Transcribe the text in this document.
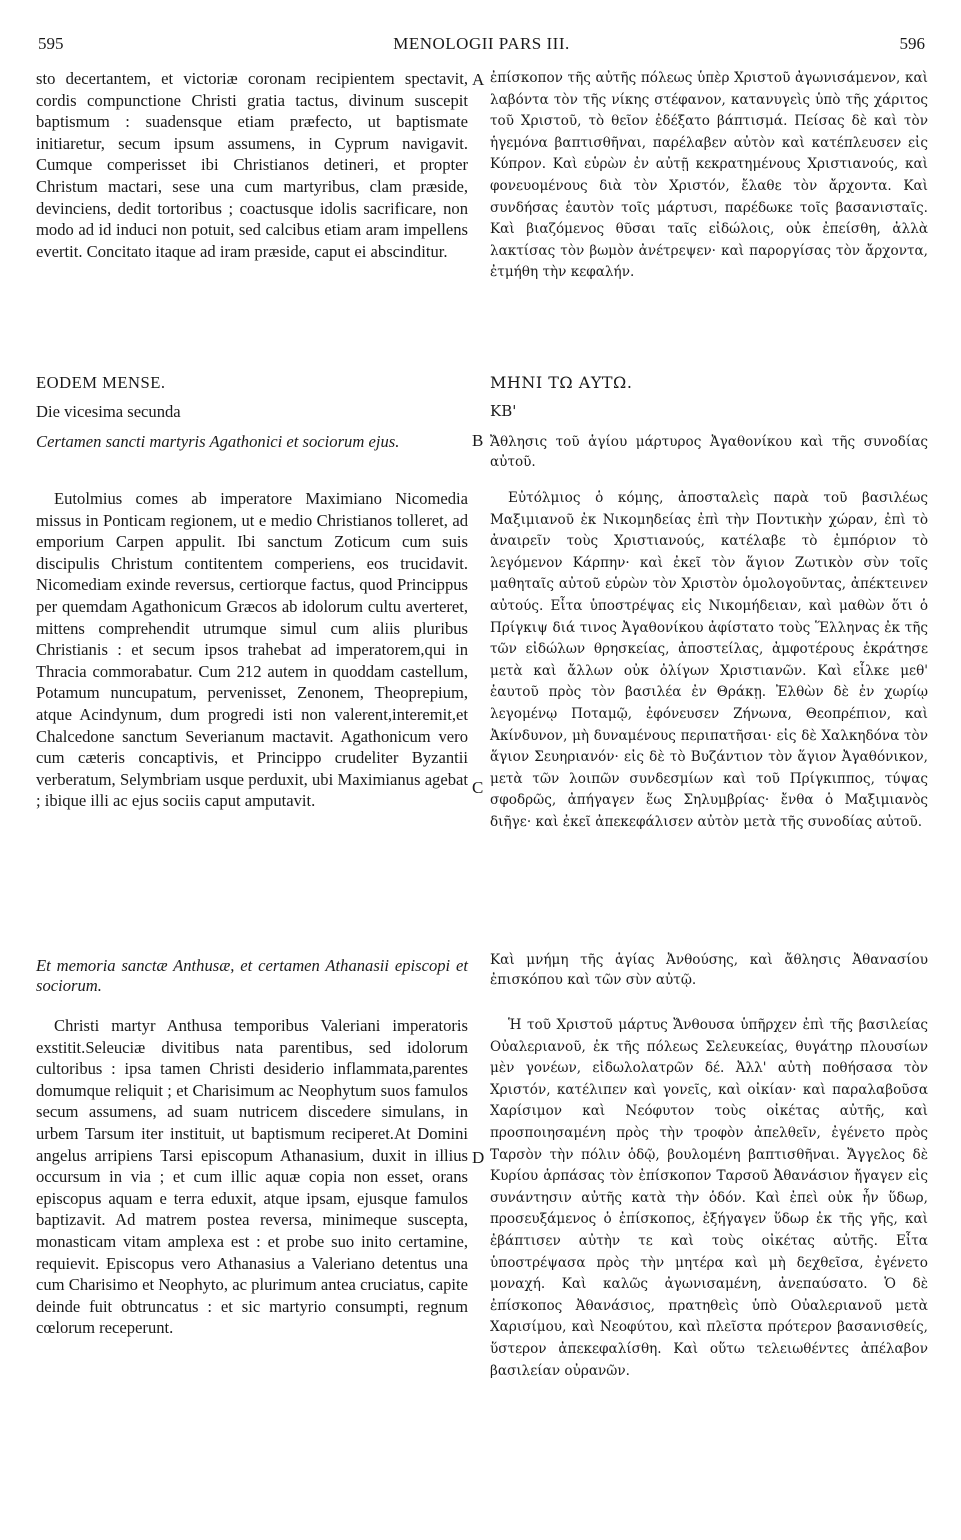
595	MENOLOGII PARS III.	596
A
B
C
D

sto decertantem, et victoriæ coronam recipientem spectavit, cordis compunctione Christi gratia tactus, divinum suscepit baptismum : suadensque etiam præfecto, ut baptismate initiaretur, secum ipsum assumens, in Cyprum navigavit. Cumque comperisset ibi Christianos detineri, et propter Christum mactari, sese una cum martyribus, clam præside, devinciens, dedit tortoribus ; coactusque idolis sacrificare, non modo ad id induci non potuit, sed calcibus etiam aram impellens evertit. Concitato itaque ad iram præside, caput ei abscinditur.

EODEM MENSE.
Die vicesima secunda
Certamen sancti martyris Agathonici et sociorum ejus.

Eutolmius comes ab imperatore Maximiano Nicomedia missus in Ponticam regionem, ut e medio Christianos tolleret, ad emporium Carpen appulit. Ibi sanctum Zoticum cum suis discipulis Christum contitentem comperiens, eos trucidavit. Nicomediam exinde reversus, certiorque factus, quod Princippus per quemdam Agathonicum Græcos ab idolorum cultu averteret, mittens comprehendit utrumque simul cum aliis pluribus Christianis : et secum ipsos trahebat ad imperatorem,qui in Thracia commorabatur. Cum 212 autem in quoddam castellum, Potamum nuncupatum, pervenisset, Zenonem, Theoprepium, atque Acindynum, dum progredi isti non valerent,interemit,et Chalcedone sanctum Severianum mactavit. Agathonicum vero cum cæteris concaptivis, et Princippo crudeliter Byzantii verberatum, Selymbriam usque perduxit, ubi Maximianus agebat ; ibique illi ac ejus sociis caput amputavit.

Et memoria sanctæ Anthusæ, et certamen Athanasii episcopi et sociorum.

Christi martyr Anthusa temporibus Valeriani imperatoris exstitit.Seleuciæ divitibus nata parentibus, sed idolorum cultoribus : ipsa tamen Christi desiderio inflammata,parentes domumque reliquit ; et Charisimum ac Neophytum suos famulos secum assumens, ad suam nutricem discedere simulans, in urbem Tarsum iter instituit, ut baptismum reciperet.At Domini angelus arripiens Tarsi episcopum Athanasium, duxit in illius occursum in via ; et cum illic aquæ copia non esset, orans episcopus aquam e terra eduxit, atque ipsam, ejusque famulos baptizavit. Ad matrem postea reversa, minimeque suscepta, monasticam vitam amplexa est : et probe suo inito certamine, requievit. Episcopus vero Athanasius a Valeriano detentus una cum Charisimo et Neophyto, ac plurimum antea cruciatus, capite deinde fuit obtruncatus : et sic martyrio consumpti, regnum cœlorum receperunt.

ἐπίσκοπον τῆς αὐτῆς πόλεως ὑπὲρ Χριστοῦ ἀγωνισάμενον, καὶ λαβόντα τὸν τῆς νίκης στέφανον, κατανυγεὶς ὑπὸ τῆς χάριτος τοῦ Χριστοῦ, τὸ θεῖον ἐδέξατο βάπτισμά. Πείσας δὲ καὶ τὸν ἡγεμόνα βαπτισθῆναι, παρέλαβεν αὐτὸν καὶ κατέπλευσεν εἰς Κύπρον. Καὶ εὑρὼν ἐν αὐτῇ κεκρατημένους Χριστιανούς, καὶ φονευομένους διὰ τὸν Χριστόν, ἔλαθε τὸν ἄρχοντα. Καὶ συνδήσας ἑαυτὸν τοῖς μάρτυσι, παρέδωκε τοῖς βασανισταῖς. Καὶ βιαζόμενος θῦσαι ταῖς εἰδώλοις, οὐκ ἐπείσθη, ἀλλὰ λακτίσας τὸν βωμὸν ἀνέτρεψεν· καὶ παροργίσας τὸν ἄρχοντα, ἐτμήθη τὴν κεφαλήν.

ΜΗΝΙ ΤΩ ΑΥΤΩ.
ΚΒ'
Ἄθλησις τοῦ ἁγίου μάρτυρος Ἀγαθονίκου καὶ τῆς συνοδίας αὐτοῦ.

Εὐτόλμιος ὁ κόμης, ἀποσταλεὶς παρὰ τοῦ βασιλέως Μαξιμιανοῦ ἐκ Νικομηδείας ἐπὶ τὴν Ποντικὴν χώραν, ἐπὶ τὸ ἀναιρεῖν τοὺς Χριστιανούς, κατέλαβε τὸ ἐμπόριον τὸ λεγόμενον Κάρπην· καὶ ἐκεῖ τὸν ἅγιον Ζωτικὸν σὺν τοῖς μαθηταῖς αὐτοῦ εὑρὼν τὸν Χριστὸν ὁμολογοῦντας, ἀπέκτεινεν αὐτούς. Εἶτα ὑποστρέψας εἰς Νικομήδειαν, καὶ μαθὼν ὅτι ὁ Πρίγκιψ διά τινος Ἀγαθονίκου ἀφίστατο τοὺς Ἕλληνας ἐκ τῆς τῶν εἰδώλων θρησκείας, ἀποστείλας, ἀμφοτέρους ἐκράτησε μετὰ καὶ ἄλλων οὐκ ὀλίγων Χριστιανῶν. Καὶ εἷλκε μεθ' ἑαυτοῦ πρὸς τὸν βασιλέα ἐν Θράκῃ. Ἐλθὼν δὲ ἐν χωρίῳ λεγομένῳ Ποταμῷ, ἐφόνευσεν Ζήνωνα, Θεοπρέπιον, καὶ Ἀκίνδυνον, μὴ δυναμένους περιπατῆσαι· εἰς δὲ Χαλκηδόνα τὸν ἅγιον Σευηριανόν· εἰς δὲ τὸ Βυζάντιον τὸν ἅγιον Ἀγαθόνικον, μετὰ τῶν λοιπῶν συνδεσμίων καὶ τοῦ Πρίγκιππος, τύψας σφοδρῶς, ἀπήγαγεν ἕως Σηλυμβρίας· ἔνθα ὁ Μαξιμιανὸς διῆγε· καὶ ἐκεῖ ἀπεκεφάλισεν αὐτὸν μετὰ τῆς συνοδίας αὐτοῦ.

Καὶ μνήμη τῆς ἁγίας Ἀνθούσης, καὶ ἄθλησις Ἀθανασίου ἐπισκόπου καὶ τῶν σὺν αὐτῷ.

Ἡ τοῦ Χριστοῦ μάρτυς Ἄνθουσα ὑπῆρχεν ἐπὶ τῆς βασιλείας Οὐαλεριανοῦ, ἐκ τῆς πόλεως Σελευκείας, θυγάτηρ πλουσίων μὲν γονέων, εἰδωλολατρῶν δέ. Ἀλλ' αὐτὴ ποθήσασα τὸν Χριστόν, κατέλιπεν καὶ γονεῖς, καὶ οἰκίαν· καὶ παραλαβοῦσα Χαρίσιμον καὶ Νεόφυτον τοὺς οἰκέτας αὐτῆς, καὶ προσποιησαμένη πρὸς τὴν τροφὸν ἀπελθεῖν, ἐγένετο πρὸς Ταρσὸν τὴν πόλιν ὁδῷ, βουλομένη βαπτισθῆναι. Ἄγγελος δὲ Κυρίου ἁρπάσας τὸν ἐπίσκοπον Ταρσοῦ Ἀθανάσιον ἤγαγεν εἰς συνάντησιν αὐτῆς κατὰ τὴν ὁδόν. Καὶ ἐπεὶ οὐκ ἦν ὕδωρ, προσευξάμενος ὁ ἐπίσκοπος, ἐξήγαγεν ὕδωρ ἐκ τῆς γῆς, καὶ ἐβάπτισεν αὐτὴν τε καὶ τοὺς οἰκέτας αὐτῆς. Εἶτα ὑποστρέψασα πρὸς τὴν μητέρα καὶ μὴ δεχθεῖσα, ἐγένετο μοναχή. Καὶ καλῶς ἀγωνισαμένη, ἀνεπαύσατο. Ὁ δὲ ἐπίσκοπος Ἀθανάσιος, πρατηθεὶς ὑπὸ Οὐαλεριανοῦ μετὰ Χαρισίμου, καὶ Νεοφύτου, καὶ πλεῖστα πρότερον βασανισθείς, ὕστερον ἀπεκεφαλίσθη. Καὶ οὕτω τελειωθέντες ἀπέλαβον βασιλείαν οὐρανῶν.
